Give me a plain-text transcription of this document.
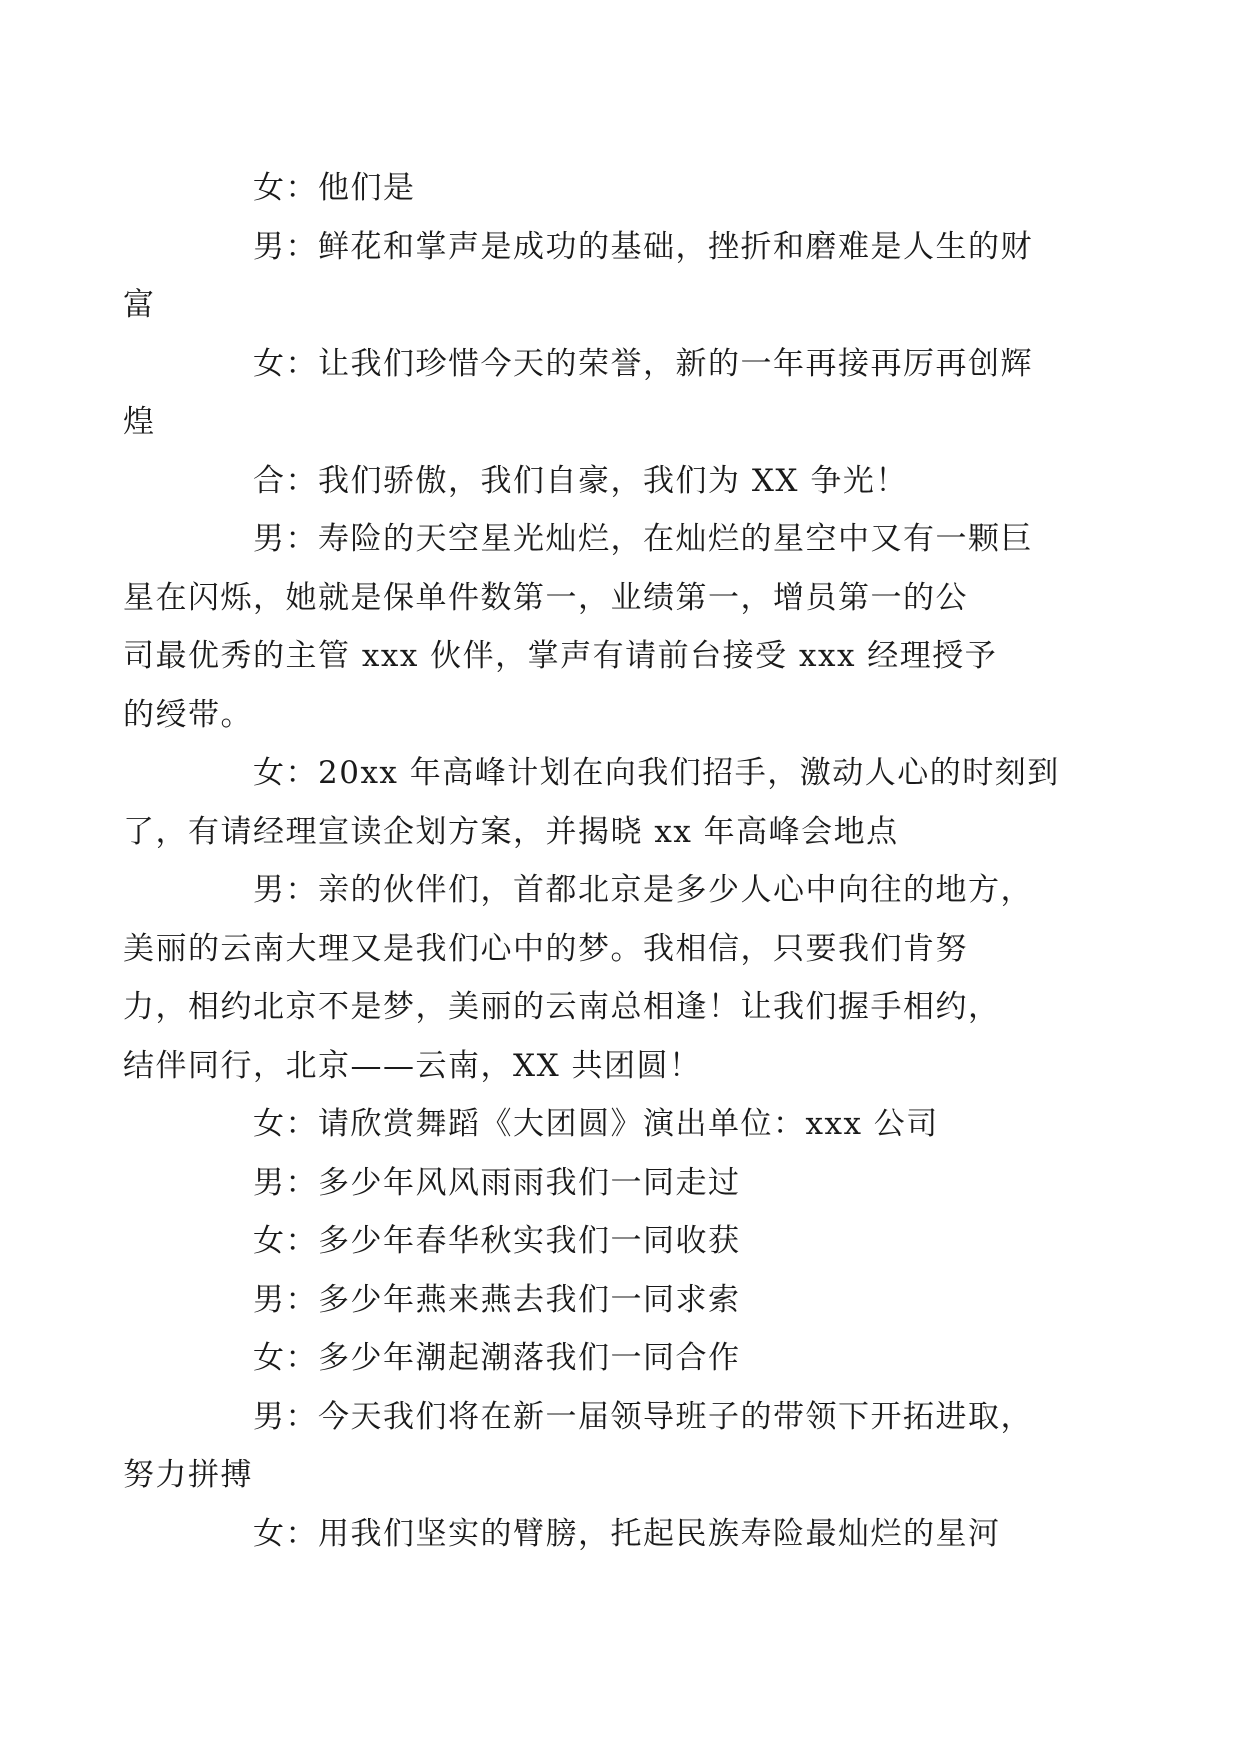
女：他们是

男：鲜花和掌声是成功的基础，挫折和磨难是人生的财
富

女：让我们珍惜今天的荣誉，新的一年再接再厉再创辉
煌

合：我们骄傲，我们自豪，我们为 XX 争光！

男：寿险的天空星光灿烂，在灿烂的星空中又有一颗巨
星在闪烁，她就是保单件数第一，业绩第一，增员第一的公
司最优秀的主管 xxx 伙伴，掌声有请前台接受 xxx 经理授予
的绶带。

女：20xx 年高峰计划在向我们招手，激动人心的时刻到
了，有请经理宣读企划方案，并揭晓 xx 年高峰会地点

男：亲的伙伴们，首都北京是多少人心中向往的地方，
美丽的云南大理又是我们心中的梦。我相信，只要我们肯努
力，相约北京不是梦，美丽的云南总相逢！让我们握手相约，
结伴同行，北京——云南，XX 共团圆！

女：请欣赏舞蹈《大团圆》演出单位：xxx 公司

男：多少年风风雨雨我们一同走过

女：多少年春华秋实我们一同收获

男：多少年燕来燕去我们一同求索

女：多少年潮起潮落我们一同合作

男：今天我们将在新一届领导班子的带领下开拓进取，
努力拼搏

女：用我们坚实的臂膀，托起民族寿险最灿烂的星河
